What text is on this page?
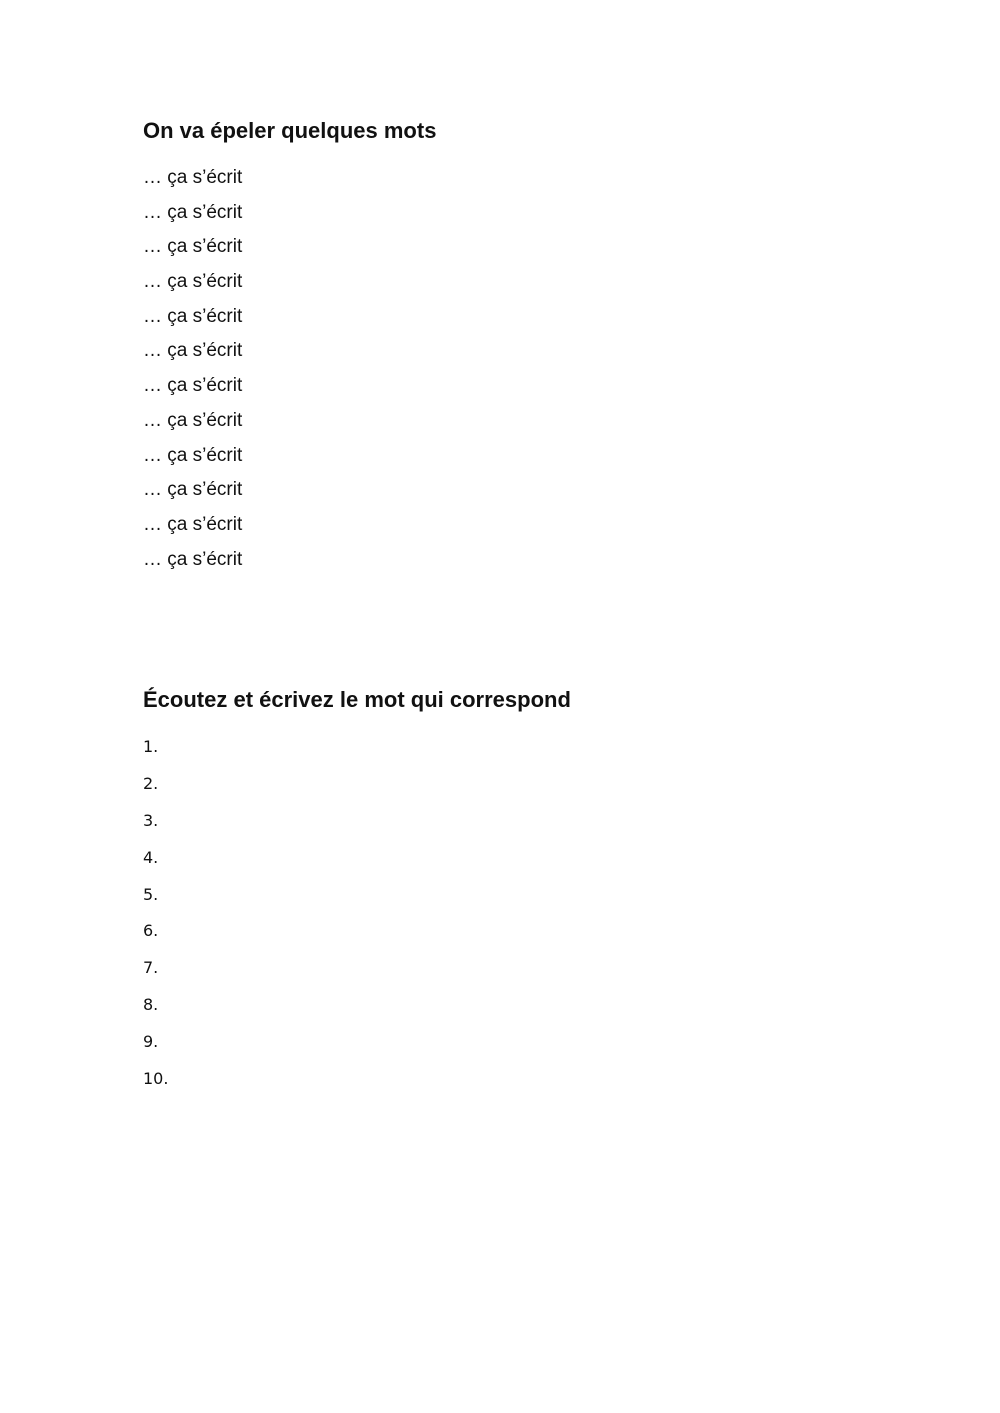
On va épeler quelques mots
… ça s’écrit
… ça s’écrit
… ça s’écrit
… ça s’écrit
… ça s’écrit
… ça s’écrit
… ça s’écrit
… ça s’écrit
… ça s’écrit
… ça s’écrit
… ça s’écrit
… ça s’écrit
Écoutez et écrivez le mot qui correspond
1.
2.
3.
4.
5.
6.
7.
8.
9.
10.
